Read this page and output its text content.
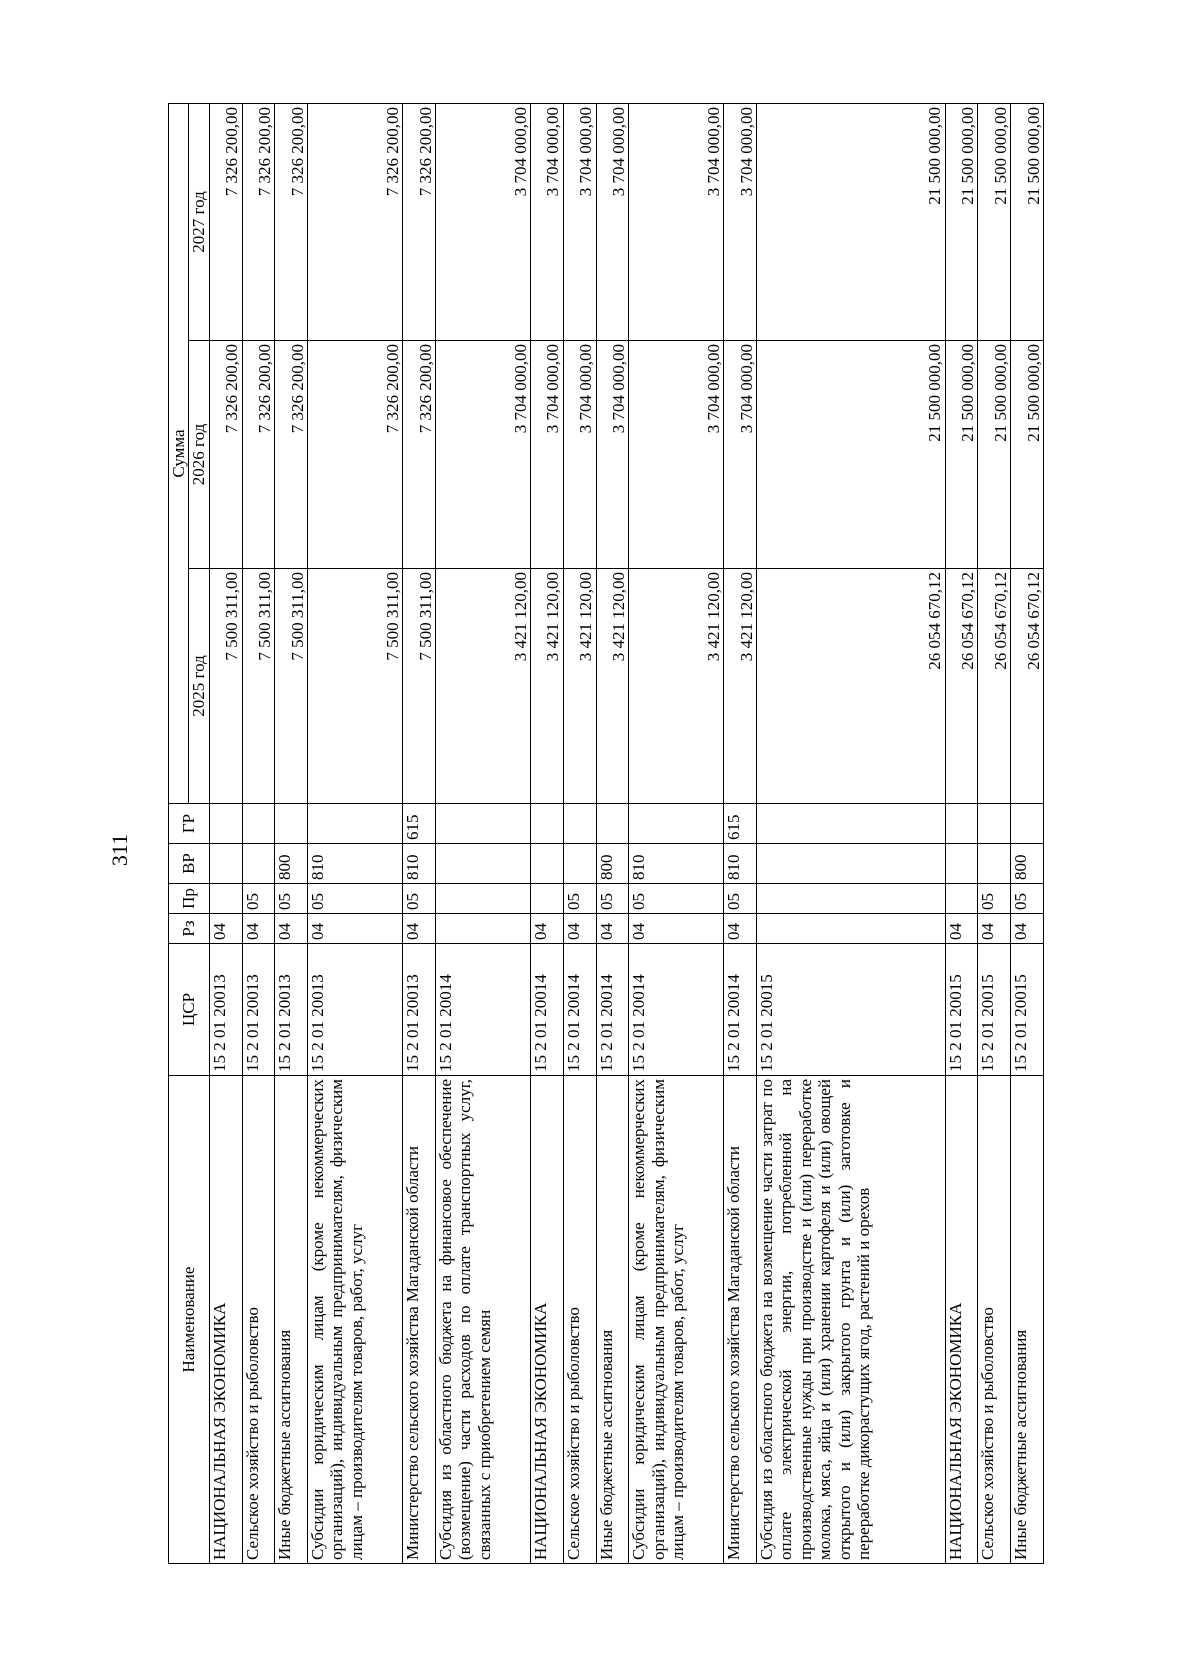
311
Наименование	ЦСР	Рз	Пр	ВР	ГР	Сумма		
						2025 год	2026 год	2027 год
НАЦИОНАЛЬНАЯ ЭКОНОМИКА	15 2 01 20013	04				7 500 311,00	7 326 200,00	7 326 200,00
Сельское хозяйство и рыболовство	15 2 01 20013	04	05			7 500 311,00	7 326 200,00	7 326 200,00
Иные бюджетные ассигнования	15 2 01 20013	04	05	800		7 500 311,00	7 326 200,00	7 326 200,00
Субсидии юридическим лицам (кроме некоммерческих организаций), индивидуальным предпринимателям, физическим лицам – производителям товаров, работ, услуг	15 2 01 20013	04	05	810		7 500 311,00	7 326 200,00	7 326 200,00
Министерство сельского хозяйства Магаданской области	15 2 01 20013	04	05	810	615	7 500 311,00	7 326 200,00	7 326 200,00
Субсидия из областного бюджета на финансовое обеспечение (возмещение) части расходов по оплате транспортных услуг, связанных с приобретением семян	15 2 01 20014					3 421 120,00	3 704 000,00	3 704 000,00
НАЦИОНАЛЬНАЯ ЭКОНОМИКА	15 2 01 20014	04				3 421 120,00	3 704 000,00	3 704 000,00
Сельское хозяйство и рыболовство	15 2 01 20014	04	05			3 421 120,00	3 704 000,00	3 704 000,00
Иные бюджетные ассигнования	15 2 01 20014	04	05	800		3 421 120,00	3 704 000,00	3 704 000,00
Субсидии юридическим лицам (кроме некоммерческих организаций), индивидуальным предпринимателям, физическим лицам – производителям товаров, работ, услуг	15 2 01 20014	04	05	810		3 421 120,00	3 704 000,00	3 704 000,00
Министерство сельского хозяйства Магаданской области	15 2 01 20014	04	05	810	615	3 421 120,00	3 704 000,00	3 704 000,00
Субсидия из областного бюджета на возмещение части затрат по оплате электрической энергии, потребленной на производственные нужды при производстве и (или) переработке молока, мяса, яйца и (или) хранении картофеля и (или) овощей открытого и (или) закрытого грунта и (или) заготовке и переработке дикорастущих ягод, растений и орехов	15 2 01 20015					26 054 670,12	21 500 000,00	21 500 000,00
НАЦИОНАЛЬНАЯ ЭКОНОМИКА	15 2 01 20015	04				26 054 670,12	21 500 000,00	21 500 000,00
Сельское хозяйство и рыболовство	15 2 01 20015	04	05			26 054 670,12	21 500 000,00	21 500 000,00
Иные бюджетные ассигнования	15 2 01 20015	04	05	800		26 054 670,12	21 500 000,00	21 500 000,00
